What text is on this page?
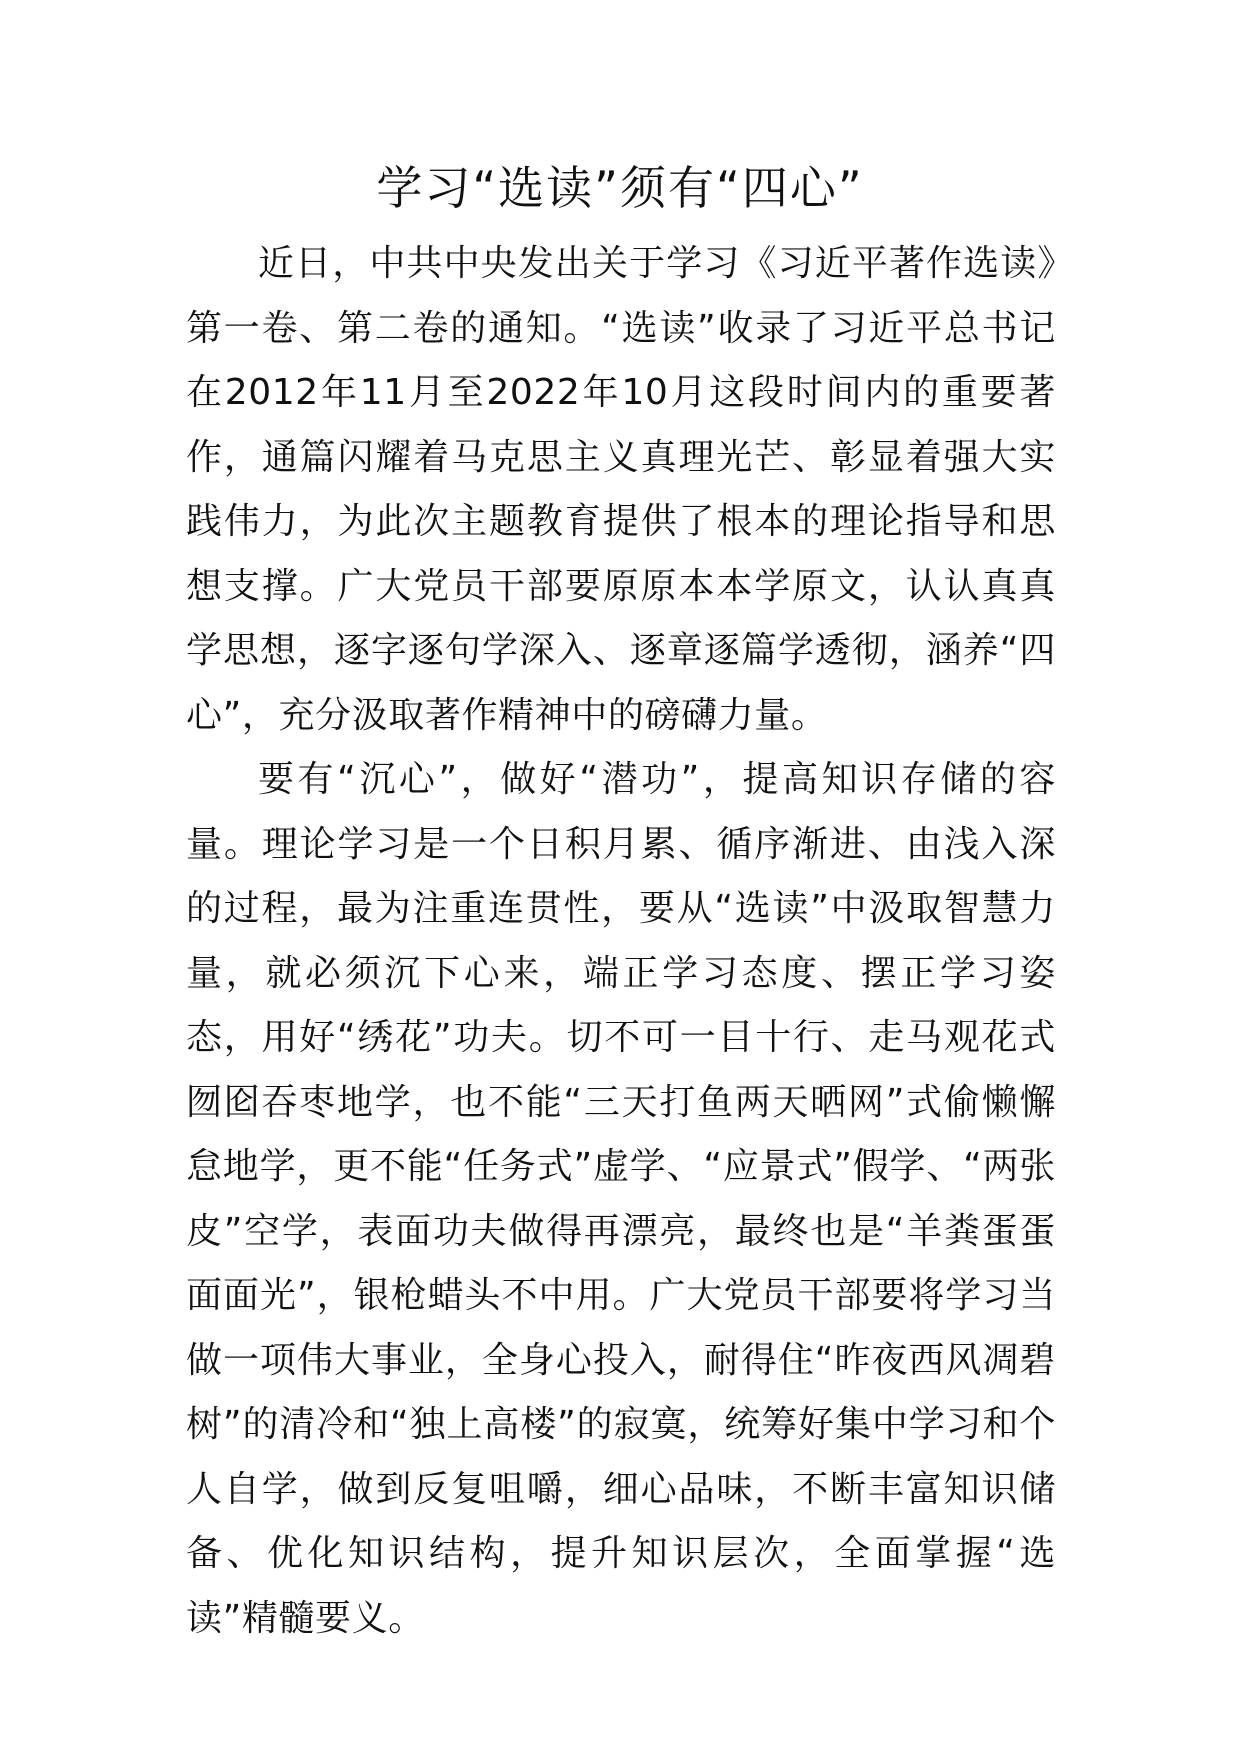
学习“选读”须有“四心”

近日，中共中央发出关于学习《习近平著作选读》第一卷、第二卷的通知。“选读”收录了习近平总书记在2012年11月至2022年10月这段时间内的重要著作，通篇闪耀着马克思主义真理光芒、彰显着强大实践伟力，为此次主题教育提供了根本的理论指导和思想支撑。广大党员干部要原原本本学原文，认认真真学思想，逐字逐句学深入、逐章逐篇学透彻，涵养“四心”，充分汲取著作精神中的磅礴力量。

要有“沉心”，做好“潜功”，提高知识存储的容量。理论学习是一个日积月累、循序渐进、由浅入深的过程，最为注重连贯性，要从“选读”中汲取智慧力量，就必须沉下心来，端正学习态度、摆正学习姿态，用好“绣花”功夫。切不可一目十行、走马观花式囫囵吞枣地学，也不能“三天打鱼两天晒网”式偷懒懈怠地学，更不能“任务式”虚学、“应景式”假学、“两张皮”空学，表面功夫做得再漂亮，最终也是“羊粪蛋蛋面面光”，银枪蜡头不中用。广大党员干部要将学习当做一项伟大事业，全身心投入，耐得住“昨夜西风凋碧树”的清冷和“独上高楼”的寂寞，统筹好集中学习和个人自学，做到反复咀嚼，细心品味，不断丰富知识储备、优化知识结构，提升知识层次，全面掌握“选读”精髓要义。
